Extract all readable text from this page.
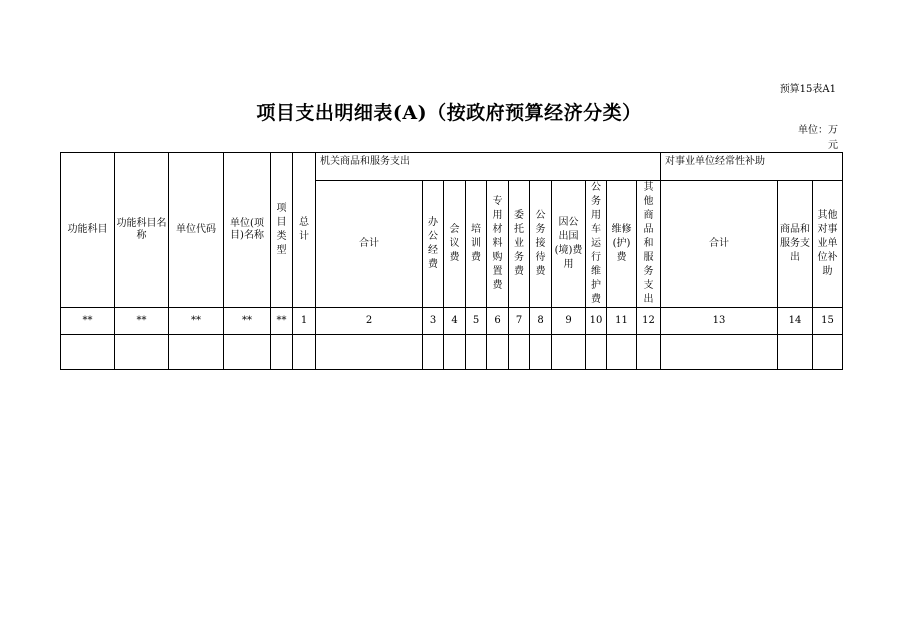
预算15表A1
项目支出明细表(A)（按政府预算经济分类）
单位：万元
功能科目	功能科目名称	单位代码	单位(项目)名称	项目类型	总计	机关商品和服务支出											对事业单位经常性补助		
						合计	办公经费	会议费	培训费	专用材料购置费	委托业务费	公务接待费	因公出国(境)费用	公务用车运行维护费	维修(护)费	其他商品和服务支出	合计	商品和服务支出	其他对事业单位补助
**	**	**	**	**	1	2	3	4	5	6	7	8	9	10	11	12	13	14	15
